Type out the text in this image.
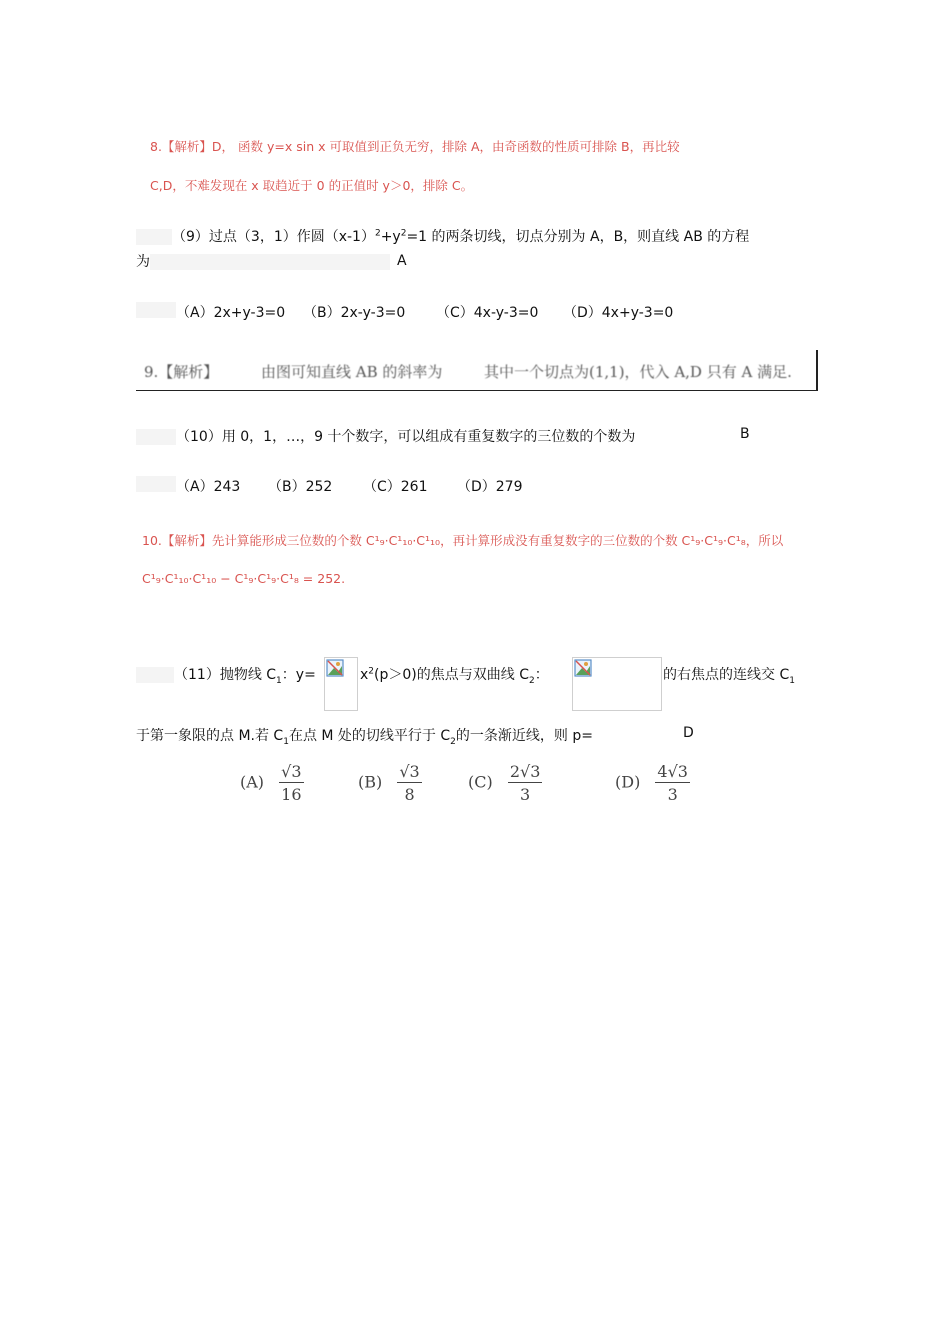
8.【解析】D， 函数 y=x sin x 可取值到正负无穷，排除 A，由奇函数的性质可排除 B，再比较
C,D，不难发现在 x 取趋近于 0 的正值时 y＞0，排除 C。
（9）过点（3，1）作圆$(x-1)^2+y^2=1$ 的两条切线，切点分别为 A，B，则直线 AB 的方程
为	A
（A）2x+y-3=0 （B）2x-y-3=0 （C）4x-y-3=0 （D）4x+y-3=0
9.【解析】	由图可知直线 AB 的斜率为	其中一个切点为(1,1)，代入 A,D 只有 A 满足.
（10）用 0，1，…，9 十个数字，可以组成有重复数字的三位数的个数为	B
（A）243 （B）252 （C）261 （D）279
10.【解析】先计算能形成三位数的个数 C¹₉·C¹₁₀·C¹₁₀，再计算形成没有重复数字的三位数的个数 C¹₉·C¹₉·C¹₈，所以
C¹₉·C¹₁₀·C¹₁₀ − C¹₉·C¹₉·C¹₈ = 252.
（11）抛物线 $C_1$：y=	$x^2(p>0)$的焦点与双曲线 $C_2$：	的右焦点的连线交 $C_1$
于第一象限的点 M.若 $C_1$在点 M 处的切线平行于 $C_2$的一条渐近线，则 p=	D
$(A) \frac{√3}{16}$	$(B) \frac{√3}{8}$	$(C) \frac{2√3}{3}$	$(D) \frac{4√3}{3}$
